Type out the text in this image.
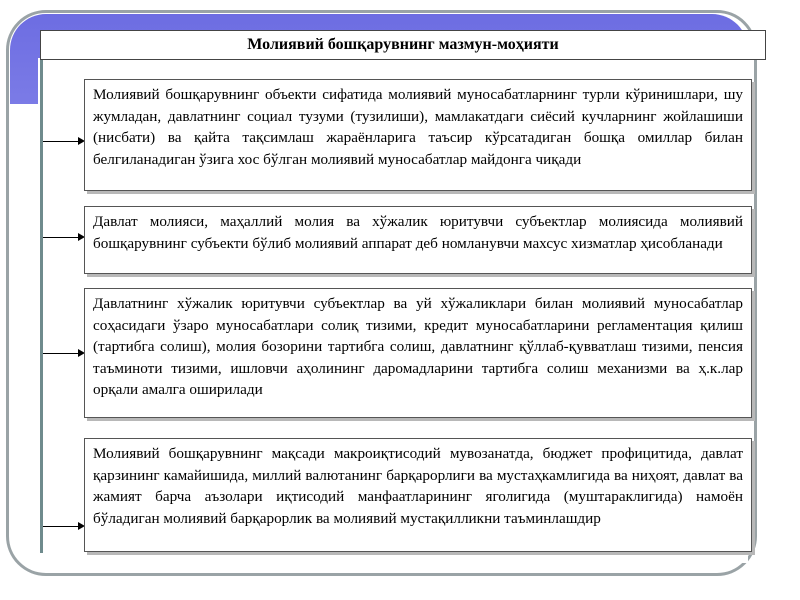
Молиявий бошқарувнинг мазмун-моҳияти
Молиявий бошқарувнинг объекти сифатида молиявий муносабатларнинг турли кўринишлари, шу жумладан, давлатнинг социал тузуми (тузилиши), мамлакатдаги сиёсий кучларнинг жойлашиши (нисбати) ва қайта тақсимлаш жараёнларига таъсир кўрсатадиган бошқа омиллар билан белгиланадиган ўзига хос бўлган молиявий муносабатлар майдонга чиқади
Давлат молияси, маҳаллий молия ва хўжалик юритувчи субъектлар молиясида молиявий бошқарувнинг субъекти бўлиб молиявий аппарат деб номланувчи махсус хизматлар ҳисобланади
Давлатнинг хўжалик юритувчи субъектлар ва уй хўжаликлари билан молиявий муносабатлар соҳасидаги ўзаро муносабатлари солиқ тизими, кредит муносабатларини регламентация қилиш (тартибга солиш), молия бозорини тартибга солиш, давлатнинг қўллаб-қувватлаш тизими, пенсия таъминоти тизими, ишловчи аҳолининг даромадларини тартибга солиш механизми ва ҳ.к.лар орқали амалга оширилади
Молиявий бошқарувнинг мақсади макроиқтисодий мувозанатда, бюджет профицитида, давлат қарзининг камайишида, миллий валютанинг барқарорлиги ва мустаҳкамлигида ва ниҳоят, давлат ва жамият барча аъзолари иқтисодий манфаатларининг яголигида (муштараклигида) намоён бўладиган молиявий барқарорлик ва молиявий мустақилликни таъминлашдир
